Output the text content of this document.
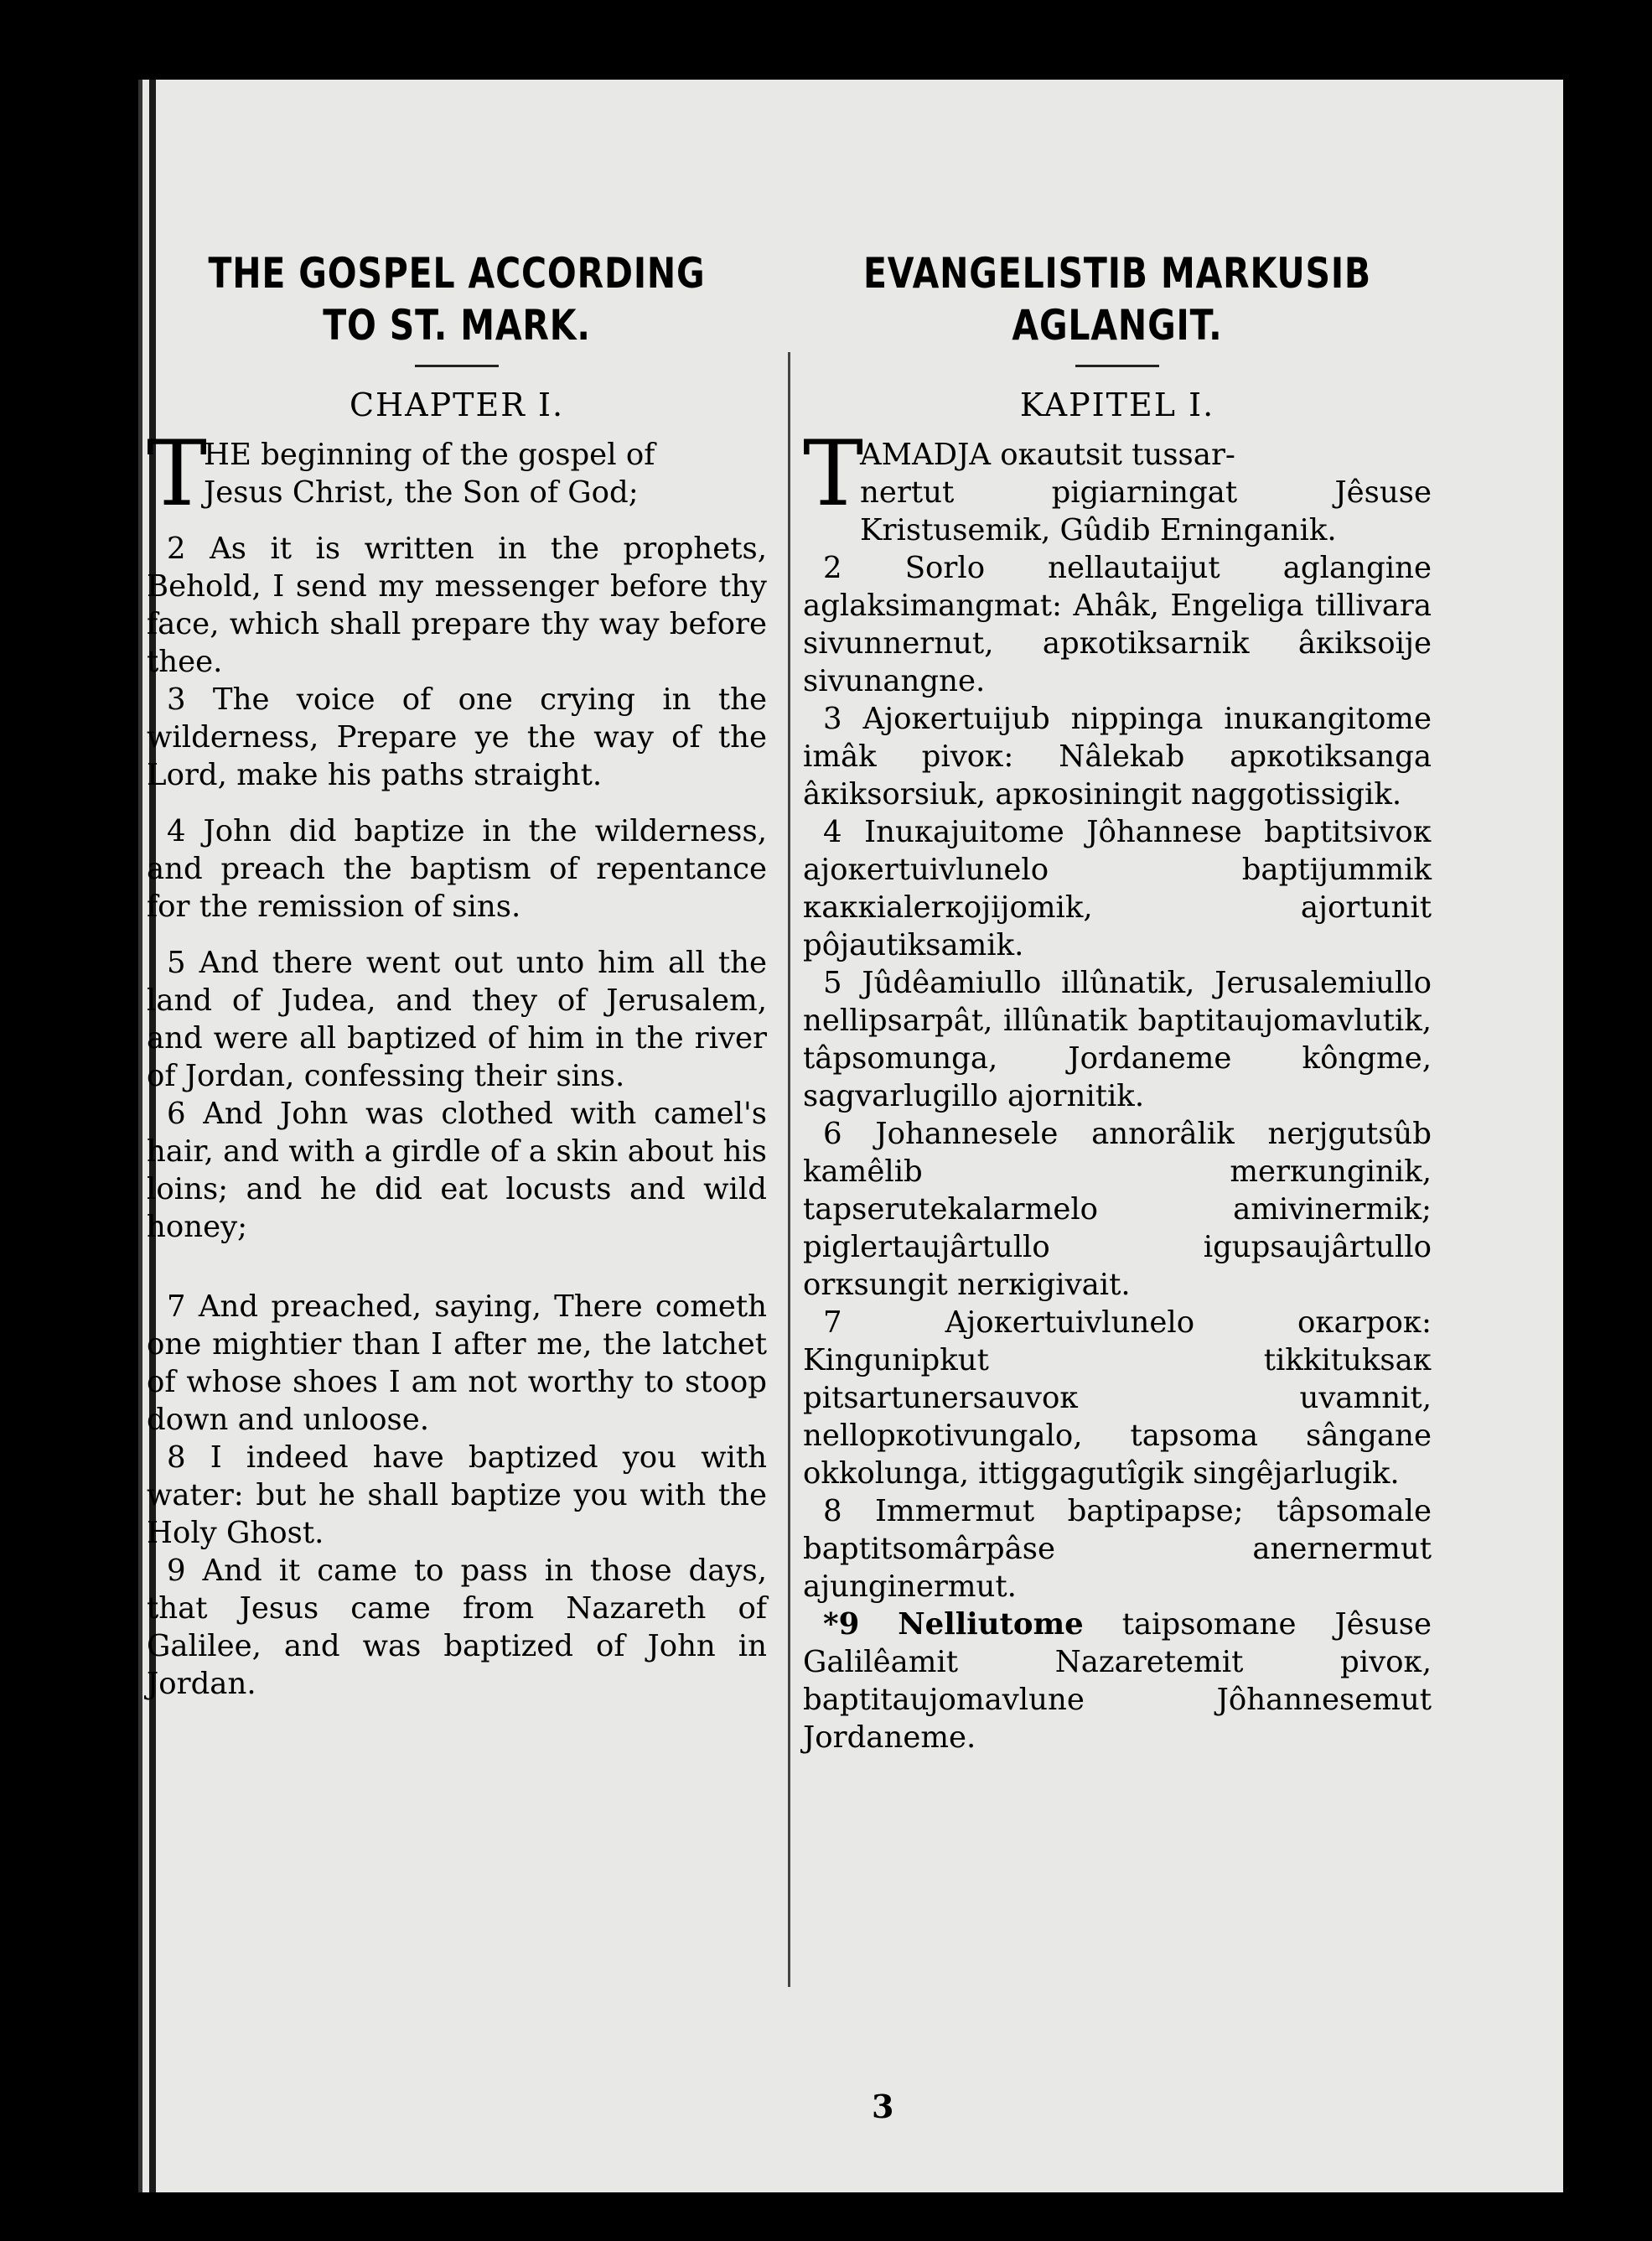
THE GOSPEL ACCORDING
TO ST. MARK.

CHAPTER I.

T
HE beginning of the gospel of
Jesus Christ, the Son of God;

2 As it is written in the prophets, Behold, I send my messenger before thy face, which shall prepare thy way before thee.

3 The voice of one crying in the wilderness, Prepare ye the way of the Lord, make his paths straight.

4 John did baptize in the wilderness, and preach the baptism of repentance for the remission of sins.

5 And there went out unto him all the land of Judea, and they of Jerusalem, and were all baptized of him in the river of Jordan, confessing their sins.

6 And John was clothed with camel's hair, and with a girdle of a skin about his loins; and he did eat locusts and wild honey;

7 And preached, saying, There cometh one mightier than I after me, the latchet of whose shoes I am not worthy to stoop down and unloose.

8 I indeed have baptized you with water: but he shall baptize you with the Holy Ghost.

9 And it came to pass in those days, that Jesus came from Nazareth of Galilee, and was baptized of John in Jordan.

EVANGELISTIB MARKUSIB
AGLANGIT.

KAPITEL I.

T
AMADJA oкautsit tussar-
nertut pigiarningat Jêsuse Kristusemik, Gûdib Erninganik.

2 Sorlo nellautaijut aglangine aglaksimangmat: Ahâk, Engeliga tillivara sivunnernut, apкotiksarnik âкiksoije sivunangne.

3 Ajoкertuijub nippinga inuкangitome imâk pivoк: Nâlekab apкotiksanga âкiksorsiuk, apкosiningit naggotissigik.

4 Inuкajuitome Jôhannese baptitsivoк ajoкertuivlunelo baptijummik кaккialerкojijomik, ajortunit pôjautiksamik.

5 Jûdêamiullo illûnatik, Jerusalemiullo nellipsarpât, illûnatik baptitaujomavlutik, tâpsomunga, Jordaneme kôngme, sagvarlugillo ajornitik.

6 Johannesele annorâlik nerjgutsûb kamêlib merкunginik, tapserutekalarmelo amivinermik; piglertaujârtullo igupsaujârtullo orкsungit nerкigivait.

7	Ajoкertuivlunelo oкarpoк: Kingunipkut tikkituksaк pitsartunersauvoк uvamnit, nellopкotivungalo, tapsoma sângane okkolunga, ittiggagutîgik singêjarlugik.

8 Immermut baptipapse; tâpsomale baptitsomârpâse anernermut ajunginermut.

*9 Nelliutome taipsomane Jêsuse Galilêamit Nazaretemit pivoк, baptitaujomavlune Jôhannesemut Jordaneme.

3
